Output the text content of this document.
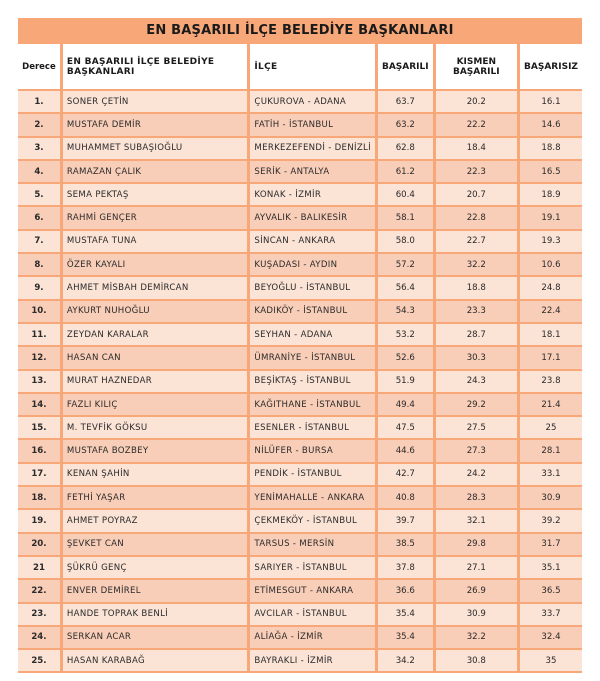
EN BAŞARILI İLÇE BELEDİYE BAŞKANLARI
Derece	EN BAŞARILI İLÇE BELEDİYE BAŞKANLARI	İLÇE	BAŞARILI	KISMEN BAŞARILI	BAŞARISIZ
1.	SONER ÇETİN	ÇUKUROVA - ADANA	63.7	20.2	16.1
2.	MUSTAFA DEMİR	FATİH - İSTANBUL	63.2	22.2	14.6
3.	MUHAMMET SUBAŞIOĞLU	MERKEZEFENDİ - DENİZLİ	62.8	18.4	18.8
4.	RAMAZAN ÇALIK	SERİK - ANTALYA	61.2	22.3	16.5
5.	SEMA PEKTAŞ	KONAK - İZMİR	60.4	20.7	18.9
6.	RAHMİ GENÇER	AYVALIK - BALIKESİR	58.1	22.8	19.1
7.	MUSTAFA TUNA	SİNCAN - ANKARA	58.0	22.7	19.3
8.	ÖZER KAYALI	KUŞADASI - AYDIN	57.2	32.2	10.6
9.	AHMET MİSBAH DEMİRCAN	BEYOĞLU - İSTANBUL	56.4	18.8	24.8
10.	AYKURT NUHOĞLU	KADIKÖY - İSTANBUL	54.3	23.3	22.4
11.	ZEYDAN KARALAR	SEYHAN - ADANA	53.2	28.7	18.1
12.	HASAN CAN	ÜMRANİYE - İSTANBUL	52.6	30.3	17.1
13.	MURAT HAZNEDAR	BEŞİKTAŞ - İSTANBUL	51.9	24.3	23.8
14.	FAZLI KILIÇ	KAĞITHANE - İSTANBUL	49.4	29.2	21.4
15.	M. TEVFİK GÖKSU	ESENLER - İSTANBUL	47.5	27.5	25
16.	MUSTAFA BOZBEY	NİLÜFER - BURSA	44.6	27.3	28.1
17.	KENAN ŞAHİN	PENDİK - İSTANBUL	42.7	24.2	33.1
18.	FETHİ YAŞAR	YENİMAHALLE - ANKARA	40.8	28.3	30.9
19.	AHMET POYRAZ	ÇEKMEKÖY - İSTANBUL	39.7	32.1	39.2
20.	ŞEVKET CAN	TARSUS - MERSİN	38.5	29.8	31.7
21	ŞÜKRÜ GENÇ	SARIYER - İSTANBUL	37.8	27.1	35.1
22.	ENVER DEMİREL	ETİMESGUT - ANKARA	36.6	26.9	36.5
23.	HANDE TOPRAK BENLİ	AVCILAR - İSTANBUL	35.4	30.9	33.7
24.	SERKAN ACAR	ALİAĞA - İZMİR	35.4	32.2	32.4
25.	HASAN KARABAĞ	BAYRAKLI - İZMİR	34.2	30.8	35
